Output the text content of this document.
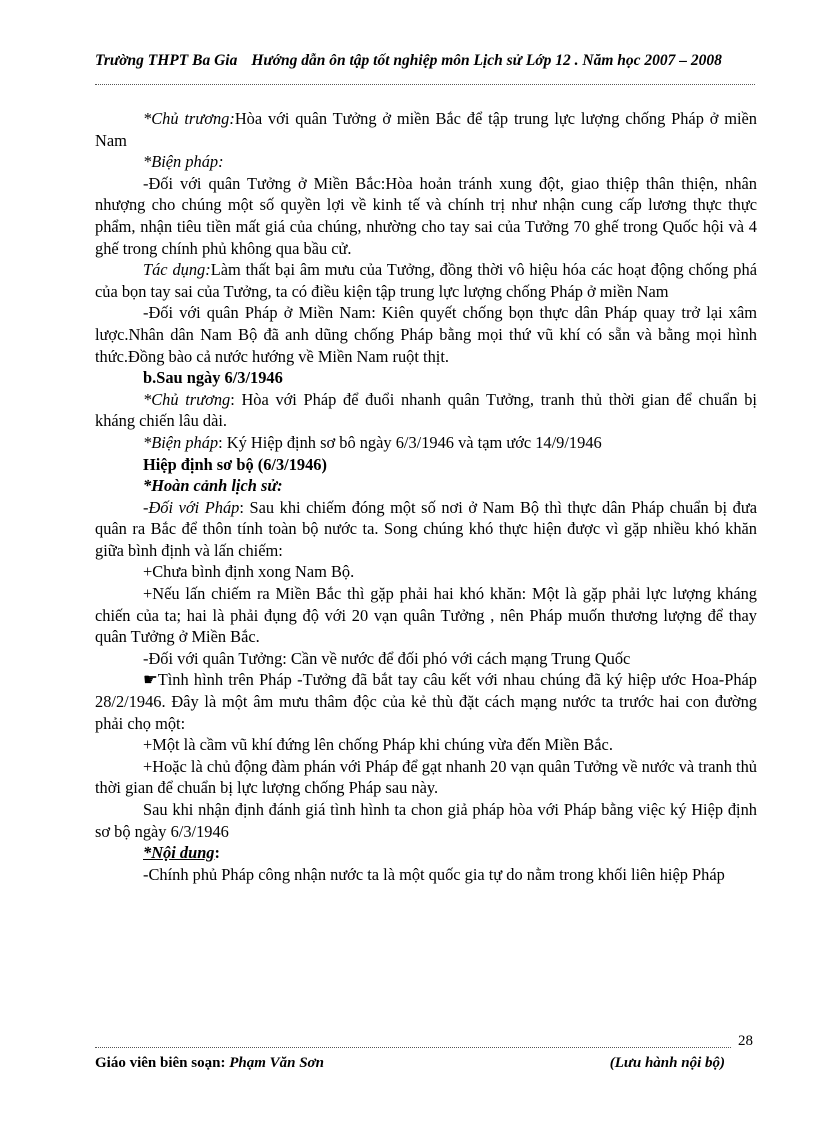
Trường THPT Ba Gia Hướng dẫn ôn tập tốt nghiệp môn Lịch sử Lớp 12 . Năm học 2007 – 2008

*Chủ trương:Hòa với quân Tưởng ở miền Bắc để tập trung lực lượng chống Pháp ở miền Nam

*Biện pháp:

-Đối với quân Tưởng ở Miền Bắc:Hòa hoản tránh xung đột, giao thiệp thân thiện, nhân nhượng cho chúng một số quyền lợi về kinh tế và chính trị như nhận cung cấp lương thực thực phẩm, nhận tiêu tiền mất giá của chúng, nhường cho tay sai của Tưởng 70 ghế trong Quốc hội và 4 ghế trong chính phủ không qua bầu cử.

Tác dụng:Làm thất bại âm mưu của Tưởng, đồng thời vô hiệu hóa các hoạt động chống phá của bọn tay sai của Tưởng, ta có điều kiện tập trung lực lượng chống Pháp ở miền Nam

-Đối với quân Pháp ở Miền Nam: Kiên quyết chống bọn thực dân Pháp quay trở lại xâm lược.Nhân dân Nam Bộ đã anh dũng chống Pháp bằng mọi thứ vũ khí có sẵn và bằng mọi hình thức.Đồng bào cả nước hướng về Miền Nam ruột thịt.

b.Sau ngày 6/3/1946

*Chủ trương: Hòa với Pháp để đuổi nhanh quân Tưởng, tranh thủ thời gian để chuẩn bị kháng chiến lâu dài.

*Biện pháp: Ký Hiệp định sơ bô ngày 6/3/1946 và tạm ước 14/9/1946

Hiệp định sơ bộ (6/3/1946)

*Hoàn cảnh lịch sử:

-Đối với Pháp: Sau khi chiếm đóng một số nơi ở Nam Bộ thì thực dân Pháp chuẩn bị đưa quân ra Bắc để thôn tính toàn bộ nước ta. Song chúng khó thực hiện được vì gặp nhiều khó khăn giữa bình định và lấn chiếm:

+Chưa bình định xong Nam Bộ.

+Nếu lấn chiếm ra Miền Bắc thì gặp phải hai khó khăn: Một là gặp phải lực lượng kháng chiến của ta; hai là phải đụng độ với 20 vạn quân Tưởng , nên Pháp muốn thương lượng để thay quân Tưởng ở Miền Bắc.

-Đối với quân Tưởng: Cần về nước để đối phó với cách mạng Trung Quốc

☛Tình hình trên Pháp -Tưởng đã bắt tay câu kết với nhau chúng đã ký hiệp ước Hoa-Pháp 28/2/1946. Đây là một âm mưu thâm độc của kẻ thù đặt cách mạng nước ta trước hai con đường phải chọ một:

+Một là cầm vũ khí đứng lên chống Pháp khi chúng vừa đến Miền Bắc.

+Hoặc là chủ động đàm phán với Pháp để gạt nhanh 20 vạn quân Tưởng về nước và tranh thủ thời gian để chuẩn bị lực lượng chống Pháp sau này.

Sau khi nhận định đánh giá tình hình ta chon giả pháp hòa với Pháp bằng việc ký Hiệp định sơ bộ ngày 6/3/1946

*Nội dung:

-Chính phủ Pháp công nhận nước ta là một quốc gia tự do nằm trong khối liên hiệp Pháp

28
Giáo viên biên soạn: Phạm Văn Sơn	(Lưu hành nội bộ)
